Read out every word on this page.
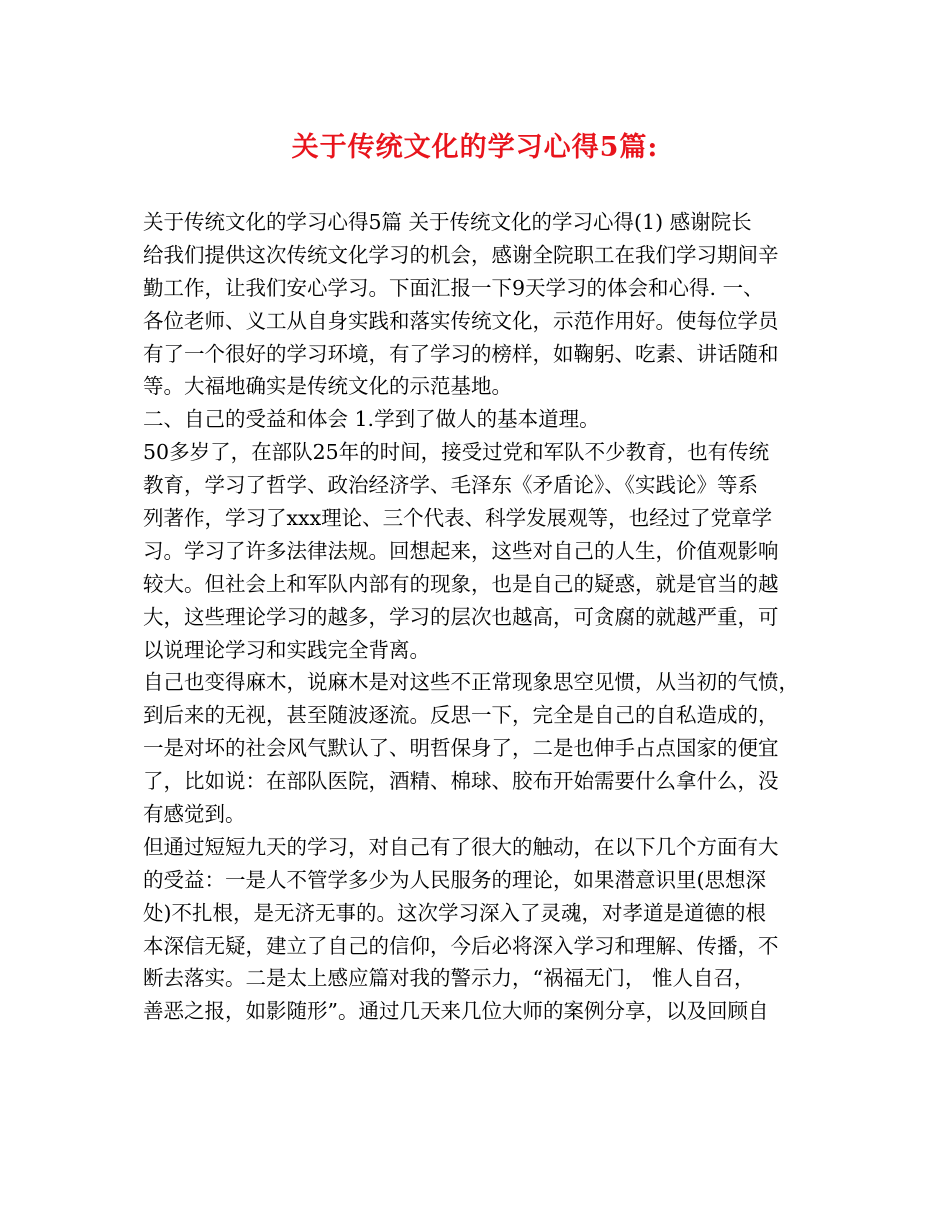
关于传统文化的学习心得5篇:
关于传统文化的学习心得5篇 关于传统文化的学习心得(1) 感谢院长
给我们提供这次传统文化学习的机会，感谢全院职工在我们学习期间辛
勤工作，让我们安心学习。下面汇报一下9天学习的体会和心得. 一、
各位老师、义工从自身实践和落实传统文化，示范作用好。使每位学员
有了一个很好的学习环境，有了学习的榜样，如鞠躬、吃素、讲话随和
等。大福地确实是传统文化的示范基地。
二、自己的受益和体会 1.学到了做人的基本道理。
50多岁了，在部队25年的时间，接受过党和军队不少教育，也有传统
教育，学习了哲学、政治经济学、毛泽东《矛盾论》、《实践论》等系
列著作，学习了xxx理论、三个代表、科学发展观等，也经过了党章学
习。学习了许多法律法规。回想起来，这些对自己的人生，价值观影响
较大。但社会上和军队内部有的现象，也是自己的疑惑，就是官当的越
大，这些理论学习的越多，学习的层次也越高，可贪腐的就越严重，可
以说理论学习和实践完全背离。
自己也变得麻木，说麻木是对这些不正常现象思空见惯，从当初的气愤，
到后来的无视，甚至随波逐流。反思一下，完全是自己的自私造成的，
一是对坏的社会风气默认了、明哲保身了，二是也伸手占点国家的便宜
了，比如说：在部队医院，酒精、棉球、胶布开始需要什么拿什么，没
有感觉到。
但通过短短九天的学习，对自己有了很大的触动，在以下几个方面有大
的受益：一是人不管学多少为人民服务的理论，如果潜意识里(思想深
处)不扎根，是无济无事的。这次学习深入了灵魂，对孝道是道德的根
本深信无疑，建立了自己的信仰，今后必将深入学习和理解、传播，不
断去落实。二是太上感应篇对我的警示力，“祸福无门， 惟人自召，
善恶之报，如影随形”。通过几天来几位大师的案例分享，以及回顾自
